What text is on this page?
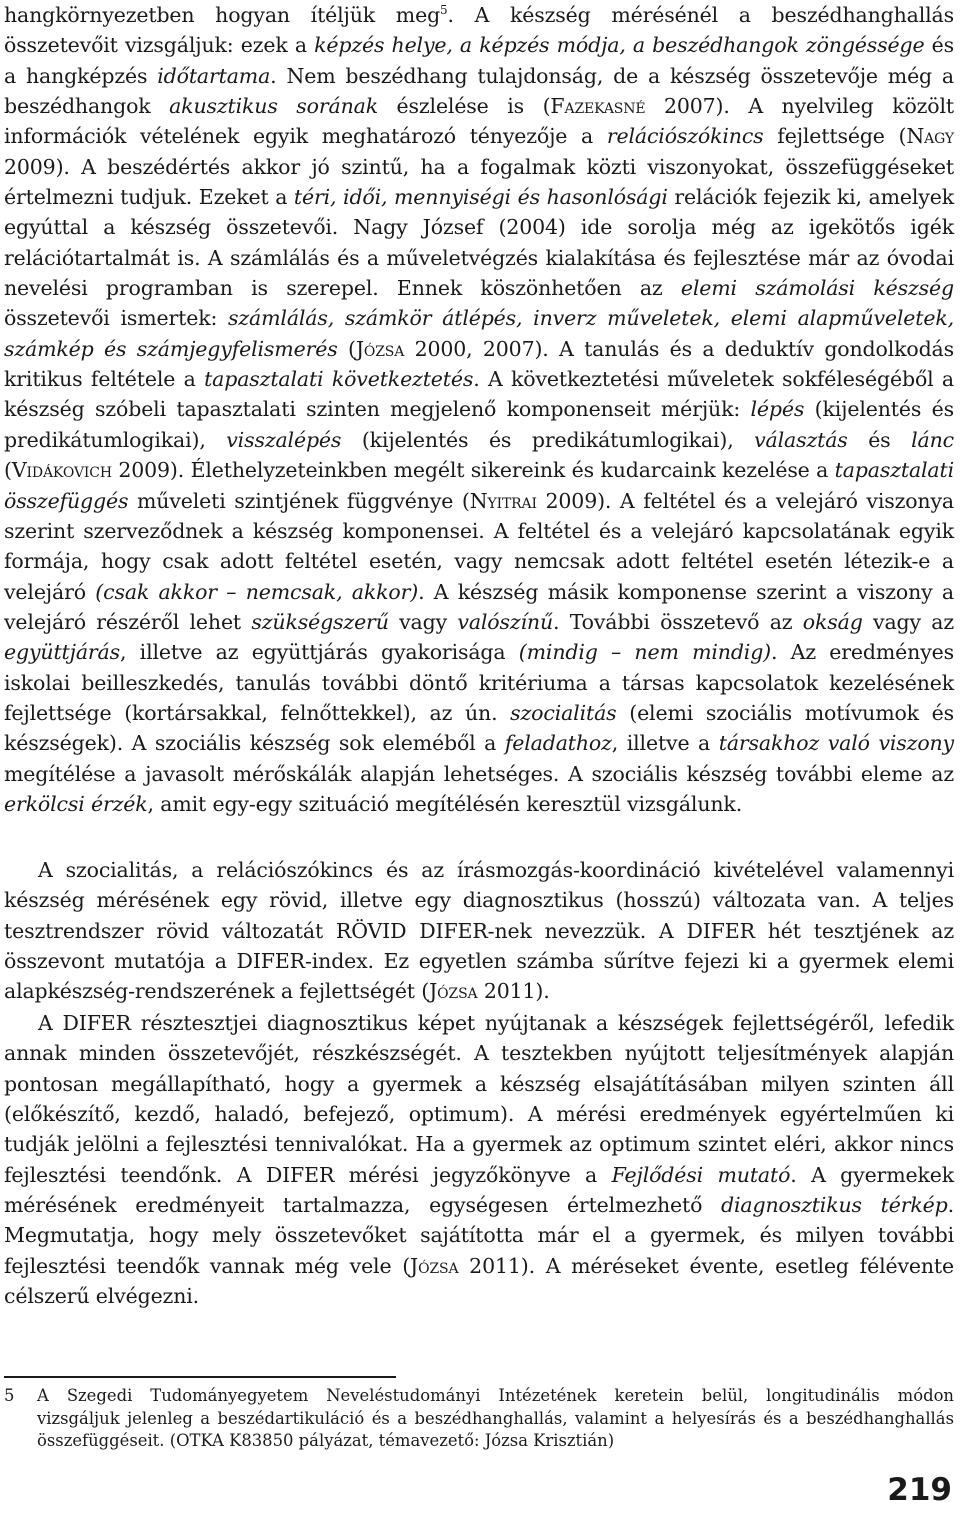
hangkörnyezetben hogyan ítéljük meg$^5$. A készség mérésénél a beszédhanghallás összetevőit vizsgáljuk: ezek a képzés helye, a képzés módja, a beszédhangok zöngéssége és a hangképzés időtartama. Nem beszédhang tulajdonság, de a készség összetevője még a beszédhangok akusztikus sorának észlelése is (Fazekasné 2007). A nyelvileg közölt információk vételének egyik meghatározó tényezője a relációszókincs fejlettsége (Nagy 2009). A beszédértés akkor jó szintű, ha a fogalmak közti viszonyokat, összefüggéseket értelmezni tudjuk. Ezeket a téri, idői, mennyiségi és hasonlósági relációk fejezik ki, amelyek egyúttal a készség összetevői. Nagy József (2004) ide sorolja még az igekötős igék relációtartalmát is. A számlálás és a műveletvégzés kialakítása és fejlesztése már az óvodai nevelési programban is szerepel. Ennek köszönhetően az elemi számolási készség összetevői ismertek: számlálás, számkör átlépés, inverz műveletek, elemi alapműveletek, számkép és számjegyfelismerés (Józsa 2000, 2007). A tanulás és a deduktív gondolkodás kritikus feltétele a tapasztalati következtetés. A következtetési műveletek sokféleségéből a készség szóbeli tapasztalati szinten megjelenő komponenseit mérjük: lépés (kijelentés és predikátumlogikai), visszalépés (kijelentés és predikátumlogikai), választás és lánc (Vidákovich 2009). Élethelyzeteinkben megélt sikereink és kudarcaink kezelése a tapasztalati összefüggés műveleti szintjének függvénye (Nyitrai 2009). A feltétel és a velejáró viszonya szerint szerveződnek a készség komponensei. A feltétel és a velejáró kapcsolatának egyik formája, hogy csak adott feltétel esetén, vagy nemcsak adott feltétel esetén létezik-e a velejáró (csak akkor – nemcsak, akkor). A készség másik komponense szerint a viszony a velejáró részéről lehet szükségszerű vagy valószínű. További összetevő az okság vagy az együttjárás, illetve az együttjárás gyakorisága (mindig – nem mindig). Az eredményes iskolai beilleszkedés, tanulás további döntő kritériuma a társas kapcsolatok kezelésének fejlettsége (kortársakkal, felnőttekkel), az ún. szocialitás (elemi szociális motívumok és készségek). A szociális készség sok eleméből a feladathoz, illetve a társakhoz való viszony megítélése a javasolt mérőskálák alapján lehetséges. A szociális készség további eleme az erkölcsi érzék, amit egy-egy szituáció megítélésén keresztül vizsgálunk.

A szocialitás, a relációszókincs és az írásmozgás-koordináció kivételével valamennyi készség mérésének egy rövid, illetve egy diagnosztikus (hosszú) változata van. A teljes tesztrendszer rövid változatát RÖVID DIFER-nek nevezzük. A DIFER hét tesztjének az összevont mutatója a DIFER-index. Ez egyetlen számba sűrítve fejezi ki a gyermek elemi alapkészség-rendszerének a fejlettségét (Józsa 2011).

A DIFER résztesztjei diagnosztikus képet nyújtanak a készségek fejlettségéről, lefedik annak minden összetevőjét, részkészségét. A tesztekben nyújtott teljesítmények alapján pontosan megállapítható, hogy a gyermek a készség elsajátításában milyen szinten áll (előkészítő, kezdő, haladó, befejező, optimum). A mérési eredmények egyértelműen ki tudják jelölni a fejlesztési tennivalókat. Ha a gyermek az optimum szintet eléri, akkor nincs fejlesztési teendőnk. A DIFER mérési jegyzőkönyve a Fejlődési mutató. A gyermekek mérésének eredményeit tartalmazza, egységesen értelmezhető diagnosztikus térkép. Megmutatja, hogy mely összetevőket sajátította már el a gyermek, és milyen további fejlesztési teendők vannak még vele (Józsa 2011). A méréseket évente, esetleg félévente célszerű elvégezni.

5 A Szegedi Tudományegyetem Neveléstudományi Intézetének keretein belül, longitudinális módon
vizsgáljuk jelenleg a beszédartikuláció és a beszédhanghallás, valamint a helyesírás és a beszédhanghallás összefüggéseit. (OTKA K83850 pályázat, témavezető: Józsa Krisztián)
219
